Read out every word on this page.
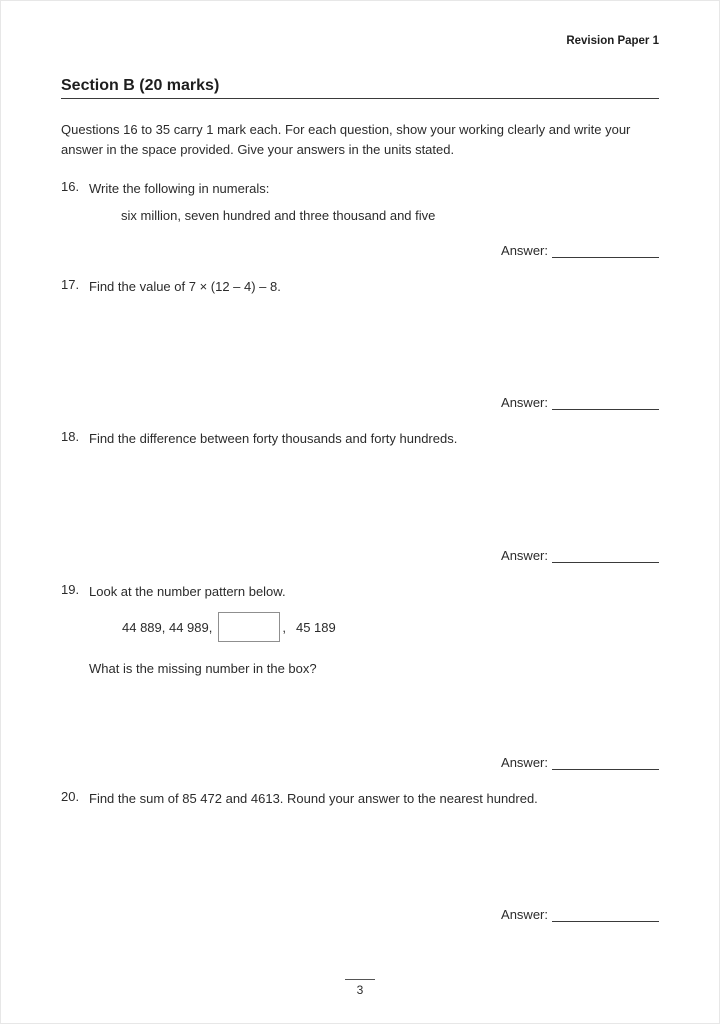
Revision Paper 1
Section B (20 marks)

Questions 16 to 35 carry 1 mark each. For each question, show your working clearly and write your answer in the space provided. Give your answers in the units stated.

16. Write the following in numerals:
six million, seven hundred and three thousand and five
Answer:
17. Find the value of 7 × (12 – 4) – 8.
Answer:
18. Find the difference between forty thousands and forty hundreds.
Answer:
19. Look at the number pattern below.
44 889, 44 989,	, 45 189
What is the missing number in the box?
Answer:
20. Find the sum of 85 472 and 4613. Round your answer to the nearest hundred.
Answer:
3
